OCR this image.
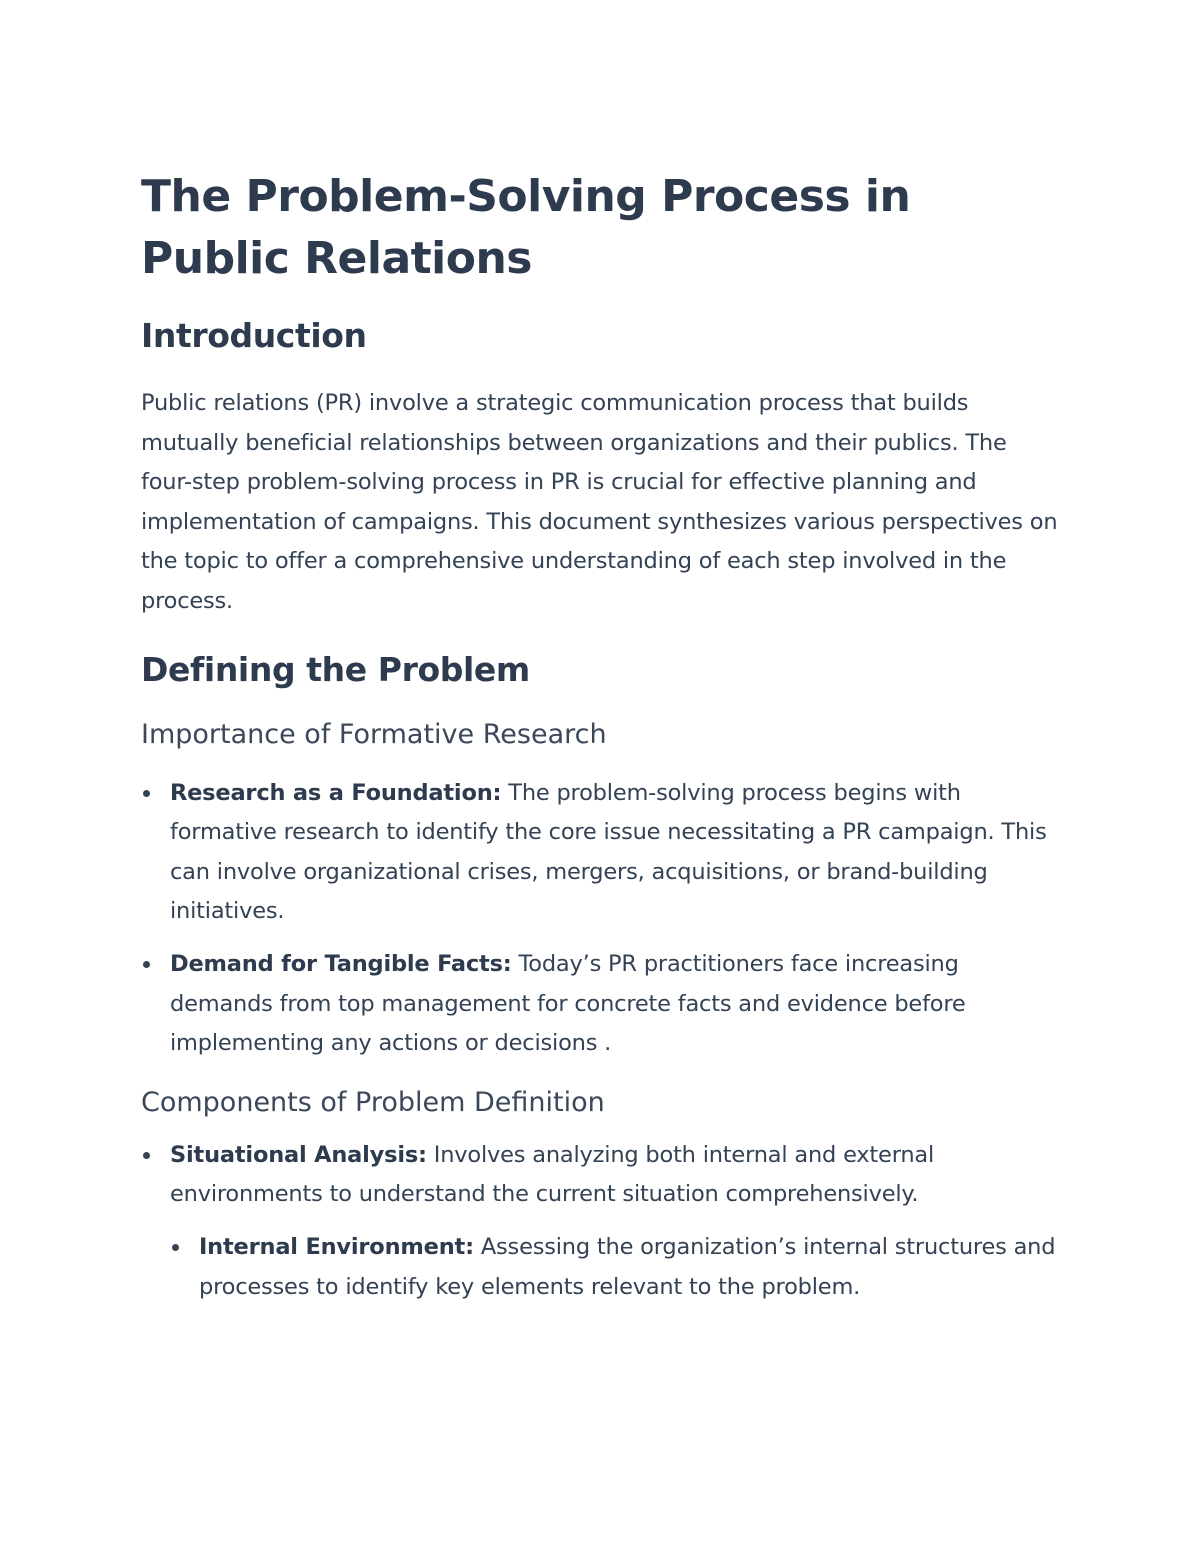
The Problem-Solving Process in Public Relations
Introduction

Public relations (PR) involve a strategic communication process that builds mutually beneficial relationships between organizations and their publics. The four-step problem-solving process in PR is crucial for effective planning and implementation of campaigns. This document synthesizes various perspectives on the topic to offer a comprehensive understanding of each step involved in the process.

Defining the Problem
Importance of Formative Research
Research as a Foundation: The problem-solving process begins with formative research to identify the core issue necessitating a PR campaign. This can involve organizational crises, mergers, acquisitions, or brand-building initiatives.
Demand for Tangible Facts: Today’s PR practitioners face increasing demands from top management for concrete facts and evidence before implementing any actions or decisions .
Components of Problem Definition
Situational Analysis: Involves analyzing both internal and external environments to understand the current situation comprehensively.
Internal Environment: Assessing the organization’s internal structures and processes to identify key elements relevant to the problem.
